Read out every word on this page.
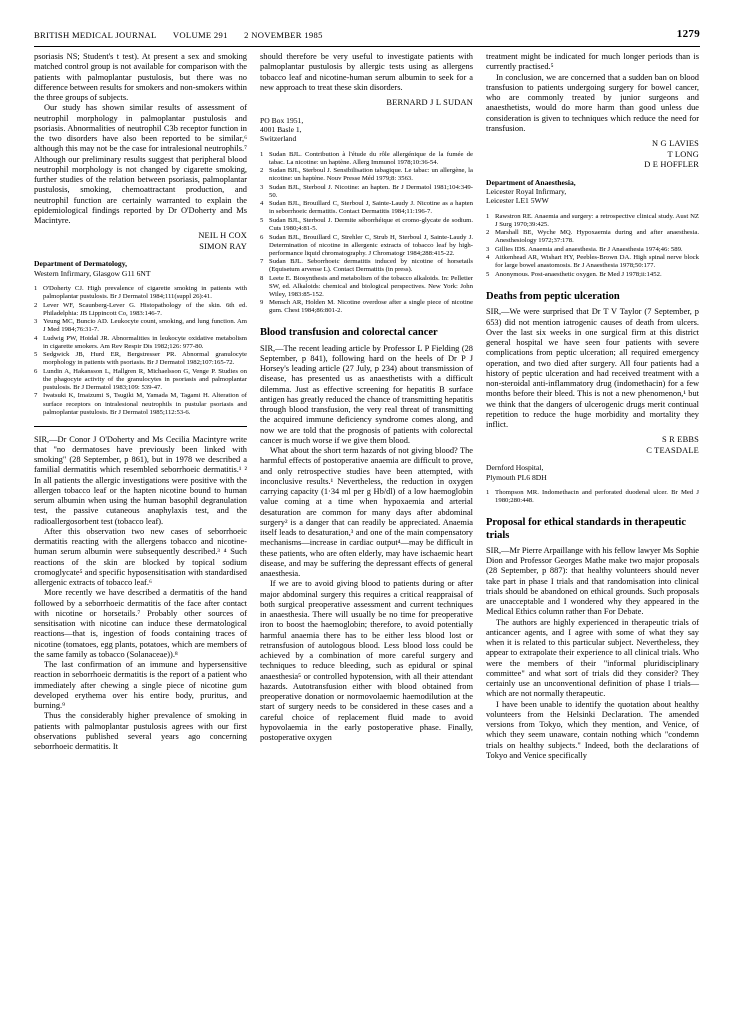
BRITISH MEDICAL JOURNAL VOLUME 291 2 NOVEMBER 1985	1279

psoriasis NS; Student's t test). At present a sex and smoking matched control group is not available for comparison with the patients with palmoplantar pustulosis, but there was no difference between results for smokers and non-smokers within the three groups of subjects.

Our study has shown similar results of assessment of neutrophil morphology in palmoplantar pustulosis and psoriasis. Abnormalities of neutrophil C3b receptor function in the two disorders have also been reported to be similar,⁶ although this may not be the case for intralesional neutrophils.⁷ Although our preliminary results suggest that peripheral blood neutrophil morphology is not changed by cigarette smoking, further studies of the relation between psoriasis, palmoplantar pustulosis, smoking, chemoattractant production, and neutrophil function are certainly warranted to explain the epidemiological findings reported by Dr O'Doherty and Ms Macintyre.

NEIL H COX
SIMON RAY
Department of Dermatology,
Western Infirmary, Glasgow G11 6NT
1 O'Doherty CJ. High prevalence of cigarette smoking in patients with palmoplantar pustulosis. Br J Dermatol 1984;111(suppl 26):41.
2 Lever WF, Scaunberg-Lever G. Histopathology of the skin. 6th ed. Philadelphia: JB Lippincott Co, 1983:146-7.
3 Yeung MC, Buncio AD. Leukocyte count, smoking, and lung function. Am J Med 1984;76:31-7.
4 Ludwig PW, Hoidal JR. Abnormalities in leukocyte oxidative metabolism in cigarette smokers. Am Rev Respir Dis 1982;126: 977-80.
5 Sedgwick JB, Hurd ER, Bergstresser PR. Abnormal granulocyte morphology in patients with psoriasis. Br J Dermatol 1982;107:165-72.
6 Lundin A, Hakansson L, Hallgren R, Michaelsson G, Venge P. Studies on the phagocyte activity of the granulocytes in psoriasis and palmoplantar pustulosis. Br J Dermatol 1983;109: 539-47.
7 Iwatsuki K, Imaizumi S, Tsugiki M, Yamada M, Tagami H. Alteration of surface receptors on intralesional neutrophils in pustular psoriasis and palmoplantar pustulosis. Br J Dermatol 1985;112:53-6.

SIR,—Dr Conor J O'Doherty and Ms Cecilia Macintyre write that "no dermatoses have previously been linked with smoking" (28 September, p 861), but in 1978 we described a familial dermatitis which resembled seborrhoeic dermatitis.¹ ² In all patients the allergic investigations were positive with the allergen tobacco leaf or the hapten nicotine bound to human serum albumin when using the human basophil degranulation test, the passive cutaneous anaphylaxis test, and the radioallergosorbent test (tobacco leaf).

After this observation two new cases of seborrhoeic dermatitis reacting with the allergens tobacco and nicotine-human serum albumin were subsequently described.³ ⁴ Such reactions of the skin are blocked by topical sodium cromoglycate⁵ and specific hyposensitisation with standardised allergenic extracts of tobacco leaf.⁶

More recently we have described a dermatitis of the hand followed by a seborrhoeic dermatitis of the face after contact with nicotine or horsetails.⁷ Probably other sources of sensitisation with nicotine can induce these dermatological reactions—that is, ingestion of foods containing traces of nicotine (tomatoes, egg plants, potatoes, which are members of the same family as tobacco (Solanaceae)).⁸

The last confirmation of an immune and hypersensitive reaction in seborrhoeic dermatitis is the report of a patient who immediately after chewing a single piece of nicotine gum developed erythema over his entire body, pruritus, and burning.⁹

Thus the considerably higher prevalence of smoking in patients with palmoplantar pustulosis agrees with our first observations published several years ago concerning seborrhoeic dermatitis. It

should therefore be very useful to investigate patients with palmoplantar pustulosis by allergic tests using as allergens tobacco leaf and nicotine-human serum albumin to seek for a new approach to treat these skin disorders.

BERNARD J L SUDAN
PO Box 1951,
4001 Basle 1,
Switzerland
1 Sudan BJL. Contribution à l'étude du rôle allergénique de la fumée de tabac. La nicotine: un haptène. Allerg Immunol 1978;10:36-54.
2 Sudan BJL, Sterboul J. Sensibilisation tabagique. Le tabac: un allergène, la nicotine: un haptène. Nouv Presse Méd 1979;8: 3563.
3 Sudan BJL, Sterboul J. Nicotine: an hapten. Br J Dermatol 1981;104:349-50.
4 Sudan BJL, Brouillard C, Sterboul J, Sainte-Laudy J. Nicotine as a hapten in seborrhoeic dermatitis. Contact Dermatitis 1984;11:196-7.
5 Sudan BJL, Sterboul J. Dermite séborrhéique et cromo-glycate de sodium. Cuts 1980;4:81-5.
6 Sudan BJL, Brouillard C, Strehler C, Strub H, Sterboul J, Sainte-Laudy J. Determination of nicotine in allergenic extracts of tobacco leaf by high-performance liquid chromatography. J Chromatogr 1984;288:415-22.
7 Sudan BJL. Seborrhoeic dermatitis induced by nicotine of horsetails (Equisetum arvense L). Contact Dermatitis (in press).
8 Leete E. Biosynthesis and metabolism of the tobacco alkaloids. In: Pelletier SW, ed. Alkaloids: chemical and biological perspectives. New York: John Wiley, 1983:85-152.
9 Mensch AR, Holden M. Nicotine overdose after a single piece of nicotine gum. Chest 1984;86:801-2.
Blood transfusion and colorectal cancer

SIR,—The recent leading article by Professor L P Fielding (28 September, p 841), following hard on the heels of Dr P J Horsey's leading article (27 July, p 234) about transmission of disease, has presented us as anaesthetists with a difficult dilemma. Just as effective screening for hepatitis B surface antigen has greatly reduced the chance of transmitting hepatitis through blood transfusion, the very real threat of transmitting the acquired immune deficiency syndrome comes along, and now we are told that the prognosis of patients with colorectal cancer is much worse if we give them blood.

What about the short term hazards of not giving blood? The harmful effects of postoperative anaemia are difficult to prove, and only retrospective studies have been attempted, with inconclusive results.¹ Nevertheless, the reduction in oxygen carrying capacity (1·34 ml per g Hb/dl) of a low haemoglobin value coming at a time when hypoxaemia and arterial desaturation are common for many days after abdominal surgery² is a danger that can readily be appreciated. Anaemia itself leads to desaturation,³ and one of the main compensatory mechanisms—increase in cardiac output⁴—may be difficult in these patients, who are often elderly, may have ischaemic heart disease, and may be suffering the depressant effects of general anaesthesia.

If we are to avoid giving blood to patients during or after major abdominal surgery this requires a critical reappraisal of both surgical preoperative assessment and current techniques in anaesthesia. There will usually be no time for preoperative iron to boost the haemoglobin; therefore, to avoid potentially harmful anaemia there has to be either less blood lost or retransfusion of autologous blood. Less blood loss could be achieved by a combination of more careful surgery and techniques to reduce bleeding, such as epidural or spinal anaesthesia⁵ or controlled hypotension, with all their attendant hazards. Autotransfusion either with blood obtained from preoperative donation or normovolaemic haemodilution at the start of surgery needs to be considered in these cases and a careful choice of replacement fluid made to avoid hypovolaemia in the early postoperative phase. Finally, postoperative oxygen

treatment might be indicated for much longer periods than is currently practised.⁵

In conclusion, we are concerned that a sudden ban on blood transfusion to patients undergoing surgery for bowel cancer, who are commonly treated by junior surgeons and anaesthetists, would do more harm than good unless due consideration is given to techniques which reduce the need for transfusion.

N G LAVIES
T LONG
D E HOFFLER
Department of Anaesthesia,
Leicester Royal Infirmary,
Leicester LE1 5WW
1 Rawstron RE. Anaemia and surgery: a retrospective clinical study. Aust NZ J Surg 1970;39:425.
2 Marshall BE, Wyche MQ. Hypoxaemia during and after anaesthesia. Anesthesiology 1972;37:178.
3 Gillies IDS. Anaemia and anaesthesia. Br J Anaesthesia 1974;46: 589.
4 Aitkenhead AR, Wishart HY, Peebles-Brown DA. High spinal nerve block for large bowel anastomosis. Br J Anaesthesia 1978;50:177.
5 Anonymous. Post-anaesthetic oxygen. Br Med J 1978;ii:1452.
Deaths from peptic ulceration

SIR,—We were surprised that Dr T V Taylor (7 September, p 653) did not mention iatrogenic causes of death from ulcers. Over the last six weeks in one surgical firm at this district general hospital we have seen four patients with severe complications from peptic ulceration; all required emergency operation, and two died after surgery. All four patients had a history of peptic ulceration and had received treatment with a non-steroidal anti-inflammatory drug (indomethacin) for a few months before their bleed. This is not a new phenomenon,¹ but we think that the dangers of ulcerogenic drugs merit continual repetition to reduce the huge morbidity and mortality they inflict.

S R EBBS
C TEASDALE
Dernford Hospital,
Plymouth PL6 8DH
1 Thompson MR. Indomethacin and perforated duodenal ulcer. Br Med J 1980;280:448.
Proposal for ethical standards in therapeutic trials

SIR,—Mr Pierre Arpaillange with his fellow lawyer Ms Sophie Dion and Professor Georges Mathe make two major proposals (28 September, p 887): that healthy volunteers should never take part in phase I trials and that randomisation into clinical trials should be abandoned on ethical grounds. Such proposals are unacceptable and I wondered why they appeared in the Medical Ethics column rather than For Debate.

The authors are highly experienced in therapeutic trials of anticancer agents, and I agree with some of what they say when it is related to this particular subject. Nevertheless, they appear to extrapolate their experience to all clinical trials. Who were the members of their "informal pluridisciplinary committee" and what sort of trials did they consider? They certainly use an unconventional definition of phase I trials—which are not normally therapeutic.

I have been unable to identify the quotation about healthy volunteers from the Helsinki Declaration. The amended versions from Tokyo, which they mention, and Venice, of which they seem unaware, contain nothing which "condemn trials on healthy subjects." Indeed, both the declarations of Tokyo and Venice specifically
